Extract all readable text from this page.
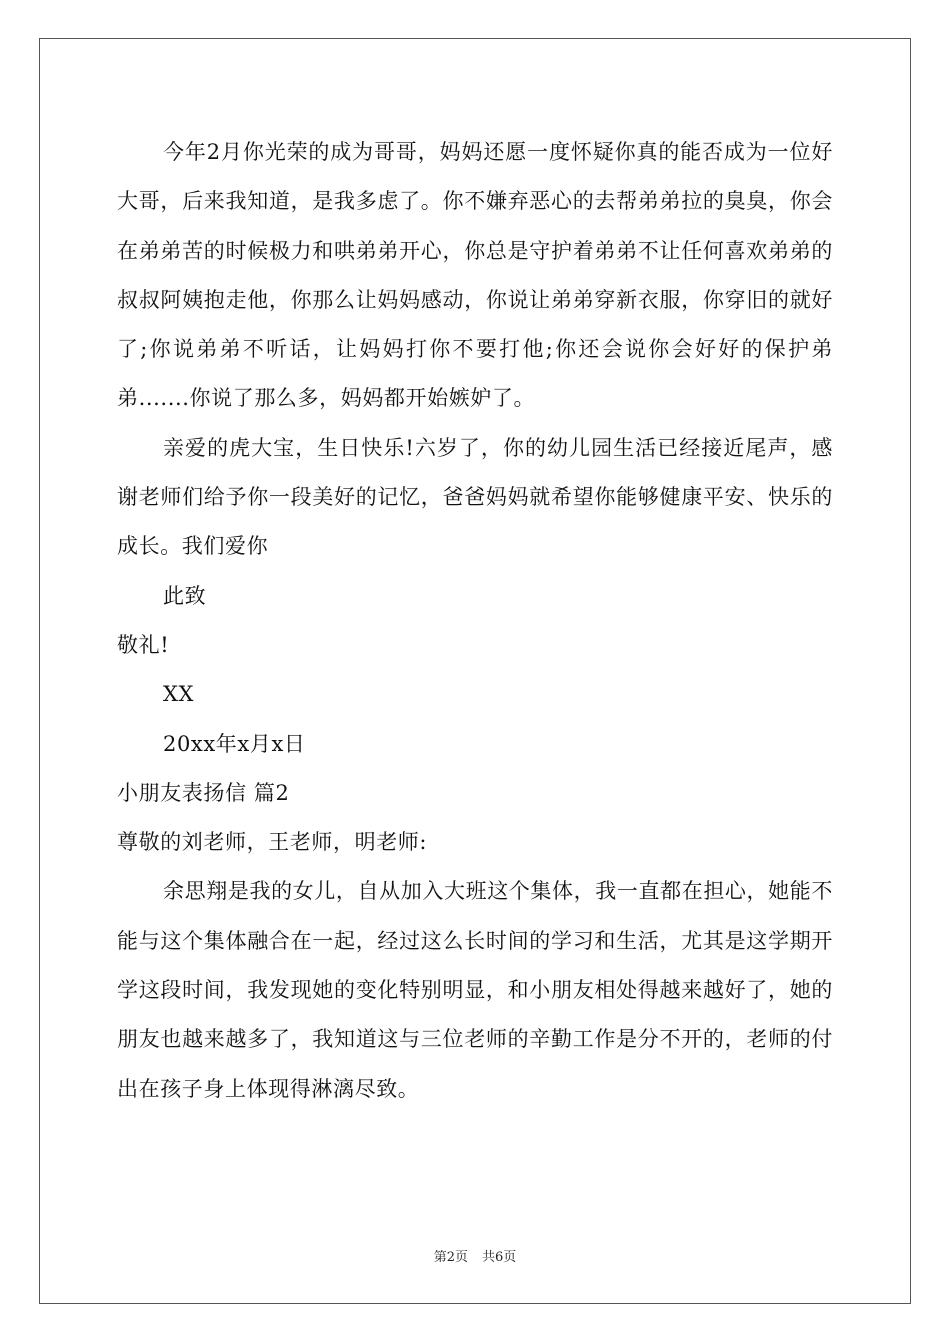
今年2月你光荣的成为哥哥，妈妈还愿一度怀疑你真的能否成为一位好大哥，后来我知道，是我多虑了。你不嫌弃恶心的去帮弟弟拉的臭臭，你会在弟弟苦的时候极力和哄弟弟开心，你总是守护着弟弟不让任何喜欢弟弟的叔叔阿姨抱走他，你那么让妈妈感动，你说让弟弟穿新衣服，你穿旧的就好了;你说弟弟不听话，让妈妈打你不要打他;你还会说你会好好的保护弟弟.......你说了那么多，妈妈都开始嫉妒了。

亲爱的虎大宝，生日快乐!六岁了，你的幼儿园生活已经接近尾声，感谢老师们给予你一段美好的记忆，爸爸妈妈就希望你能够健康平安、快乐的成长。我们爱你

此致

敬礼!

XX

20xx年x月x日

小朋友表扬信 篇2

尊敬的刘老师，王老师，明老师:

余思翔是我的女儿，自从加入大班这个集体，我一直都在担心，她能不能与这个集体融合在一起，经过这么长时间的学习和生活，尤其是这学期开学这段时间，我发现她的变化特别明显，和小朋友相处得越来越好了，她的朋友也越来越多了，我知道这与三位老师的辛勤工作是分不开的，老师的付出在孩子身上体现得淋漓尽致。

第2页 共6页
